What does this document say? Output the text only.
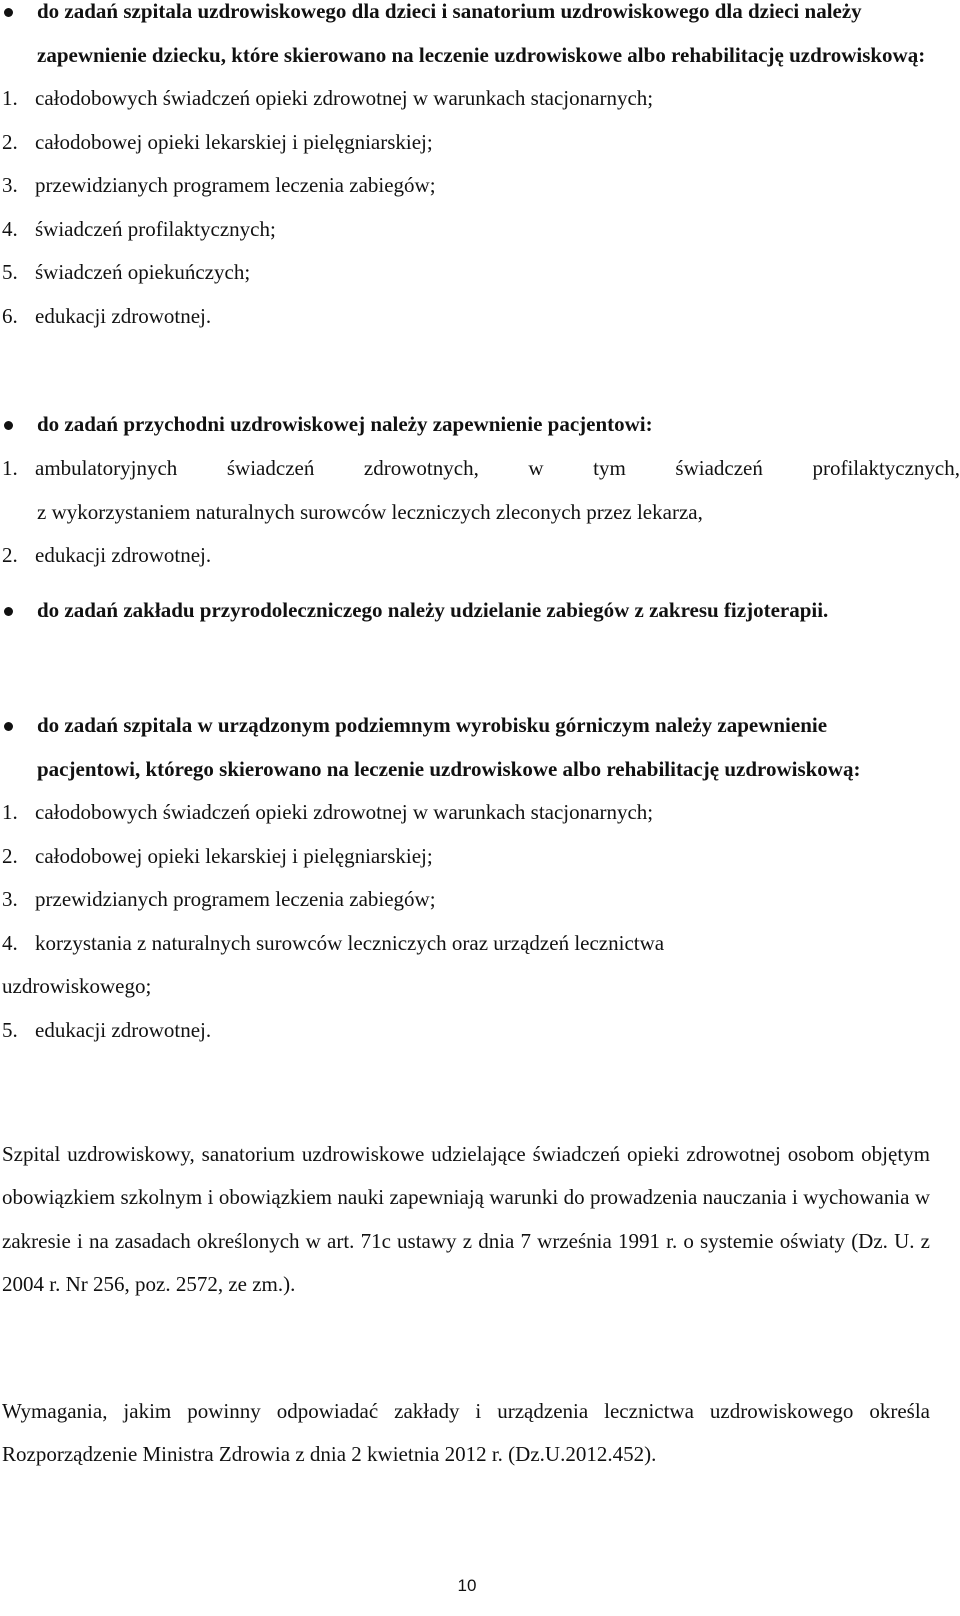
do zadań szpitala uzdrowiskowego dla dzieci i sanatorium uzdrowiskowego dla dzieci należy zapewnienie dziecku, które skierowano na leczenie uzdrowiskowe albo rehabilitację uzdrowiskową:
1. całodobowych świadczeń opieki zdrowotnej w warunkach stacjonarnych;
2. całodobowej opieki lekarskiej i pielęgniarskiej;
3. przewidzianych programem leczenia zabiegów;
4. świadczeń profilaktycznych;
5. świadczeń opiekuńczych;
6. edukacji zdrowotnej.
do zadań przychodni uzdrowiskowej należy zapewnienie pacjentowi:
1. ambulatoryjnych świadczeń zdrowotnych, w tym świadczeń profilaktycznych,
z wykorzystaniem naturalnych surowców leczniczych zleconych przez lekarza,
2. edukacji zdrowotnej.
do zadań zakładu przyrodoleczniczego należy udzielanie zabiegów z zakresu fizjoterapii.
do zadań szpitala w urządzonym podziemnym wyrobisku górniczym należy zapewnienie pacjentowi, którego skierowano na leczenie uzdrowiskowe albo rehabilitację uzdrowiskową:
1. całodobowych świadczeń opieki zdrowotnej w warunkach stacjonarnych;
2. całodobowej opieki lekarskiej i pielęgniarskiej;
3. przewidzianych programem leczenia zabiegów;
4. korzystania z naturalnych surowców leczniczych oraz urządzeń lecznictwa
uzdrowiskowego;
5. edukacji zdrowotnej.
Szpital uzdrowiskowy, sanatorium uzdrowiskowe udzielające świadczeń opieki zdrowotnej osobom objętym obowiązkiem szkolnym i obowiązkiem nauki zapewniają warunki do prowadzenia nauczania i wychowania w zakresie i na zasadach określonych w art. 71c ustawy z dnia 7 września 1991 r. o systemie oświaty (Dz. U. z 2004 r. Nr 256, poz. 2572, ze zm.).
Wymagania, jakim powinny odpowiadać zakłady i urządzenia lecznictwa uzdrowiskowego określa Rozporządzenie Ministra Zdrowia z dnia 2 kwietnia 2012 r. (Dz.U.2012.452).
10
